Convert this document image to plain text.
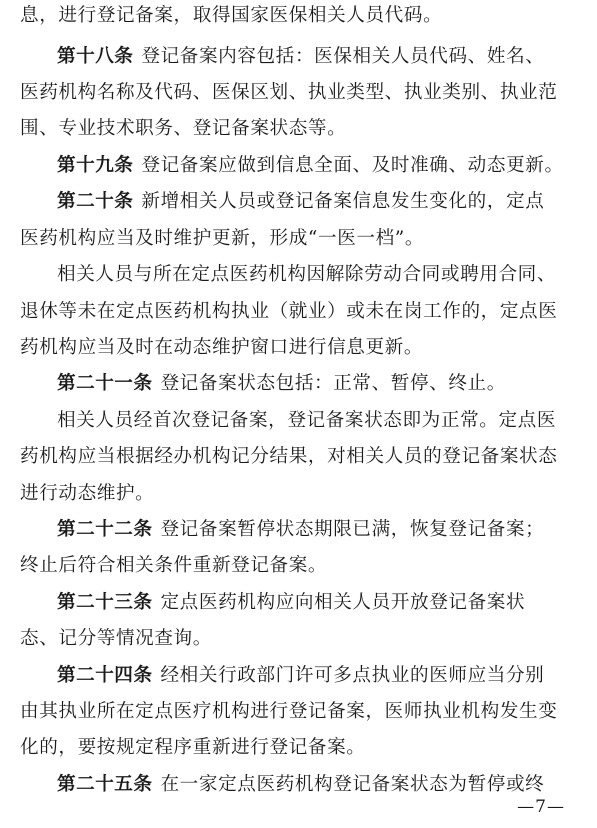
息，进行登记备案，取得国家医保相关人员代码。
第十八条 登记备案内容包括：医保相关人员代码、姓名、
医药机构名称及代码、医保区划、执业类型、执业类别、执业范
围、专业技术职务、登记备案状态等。
第十九条 登记备案应做到信息全面、及时准确、动态更新。
第二十条 新增相关人员或登记备案信息发生变化的，定点
医药机构应当及时维护更新，形成“一医一档”。
相关人员与所在定点医药机构因解除劳动合同或聘用合同、
退休等未在定点医药机构执业（就业）或未在岗工作的，定点医
药机构应当及时在动态维护窗口进行信息更新。
第二十一条 登记备案状态包括：正常、暂停、终止。
相关人员经首次登记备案，登记备案状态即为正常。定点医
药机构应当根据经办机构记分结果，对相关人员的登记备案状态
进行动态维护。
第二十二条 登记备案暂停状态期限已满，恢复登记备案；
终止后符合相关条件重新登记备案。
第二十三条 定点医药机构应向相关人员开放登记备案状
态、记分等情况查询。
第二十四条 经相关行政部门许可多点执业的医师应当分别
由其执业所在定点医疗机构进行登记备案，医师执业机构发生变
化的，要按规定程序重新进行登记备案。
第二十五条 在一家定点医药机构登记备案状态为暂停或终
—7—
